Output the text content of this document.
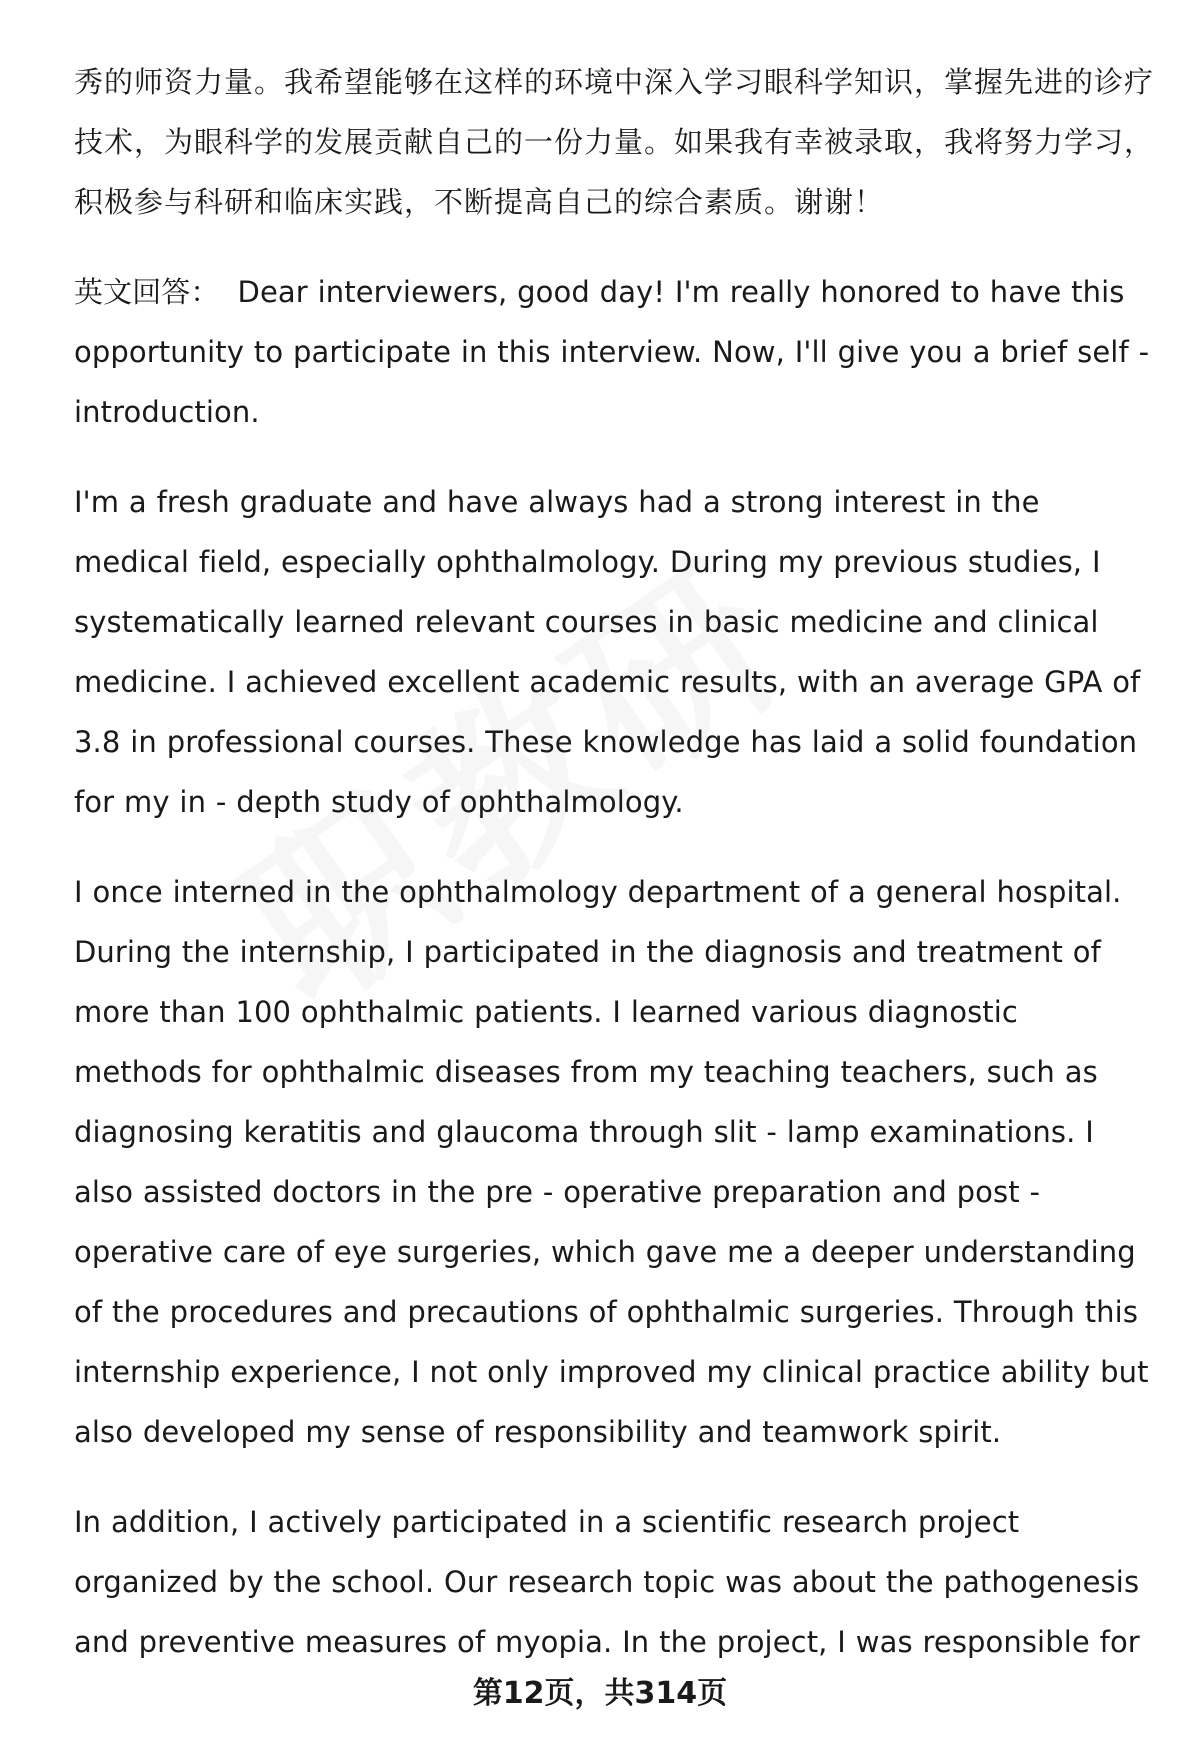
秀的师资力量。我希望能够在这样的环境中深入学习眼科学知识，掌握先进的诊疗技术，为眼科学的发展贡献自己的一份力量。如果我有幸被录取，我将努力学习，积极参与科研和临床实践，不断提高自己的综合素质。谢谢！

英文回答： Dear interviewers, good day! I'm really honored to have this opportunity to participate in this interview. Now, I'll give you a brief self - introduction.

I'm a fresh graduate and have always had a strong interest in the medical field, especially ophthalmology. During my previous studies, I systematically learned relevant courses in basic medicine and clinical medicine. I achieved excellent academic results, with an average GPA of 3.8 in professional courses. These knowledge has laid a solid foundation for my in - depth study of ophthalmology.

I once interned in the ophthalmology department of a general hospital. During the internship, I participated in the diagnosis and treatment of more than 100 ophthalmic patients. I learned various diagnostic methods for ophthalmic diseases from my teaching teachers, such as diagnosing keratitis and glaucoma through slit - lamp examinations. I also assisted doctors in the pre - operative preparation and post - operative care of eye surgeries, which gave me a deeper understanding of the procedures and precautions of ophthalmic surgeries. Through this internship experience, I not only improved my clinical practice ability but also developed my sense of responsibility and teamwork spirit.

In addition, I actively participated in a scientific research project organized by the school. Our research topic was about the pathogenesis and preventive measures of myopia. In the project, I was responsible for

第12页，共314页
